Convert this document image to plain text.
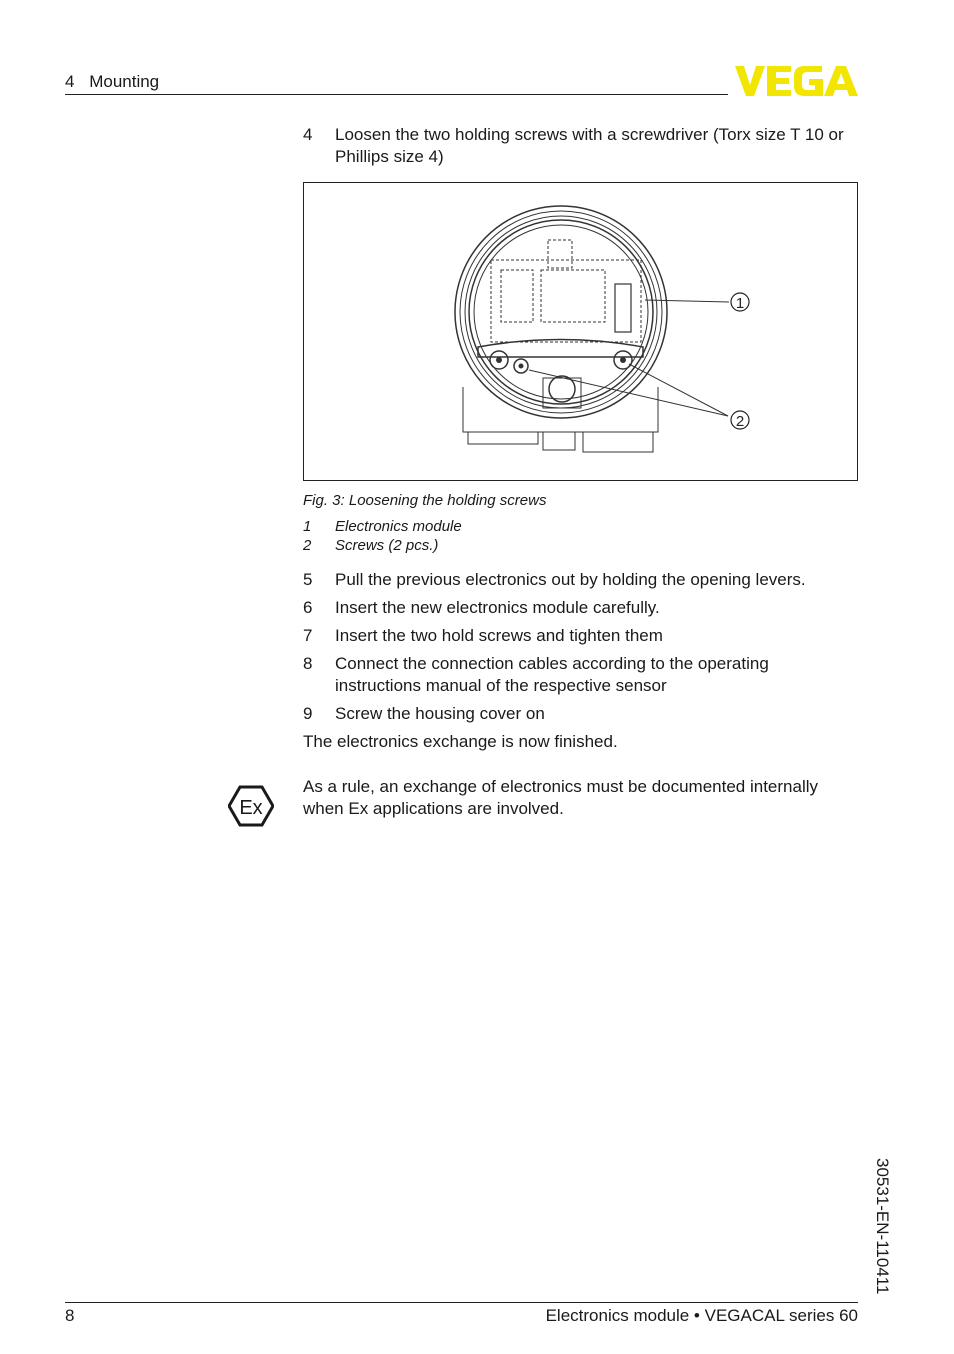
4 Mounting
4	Loosen the two holding screws with a screwdriver (Torx size T 10 or Phillips size 4)
1
2
Fig. 3: Loosening the holding screws
1	Electronics module
2	Screws (2 pcs.)
5	Pull the previous electronics out by holding the opening levers.
6	Insert the new electronics module carefully.
7	Insert the two hold screws and tighten them
8	Connect the connection cables according to the operating instructions manual of the respective sensor
9	Screw the housing cover on
The electronics exchange is now finished.
Ex
As a rule, an exchange of electronics must be documented internally when Ex applications are involved.
30531-EN-110411
8	Electronics module • VEGACAL series 60
